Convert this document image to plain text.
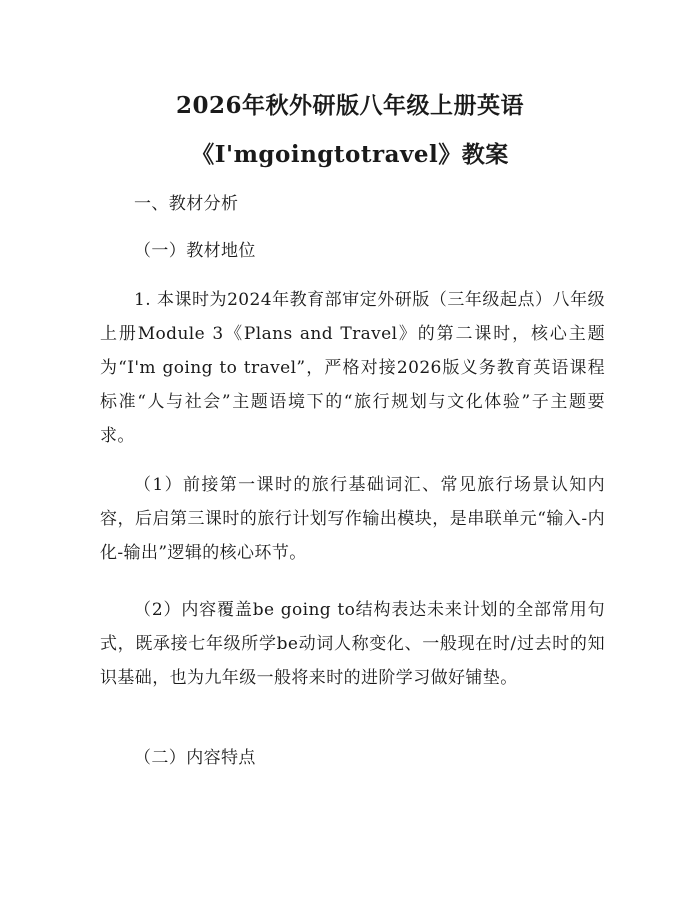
2026年秋外研版八年级上册英语
《I'mgoingtotravel》教案

一、教材分析

（一）教材地位

1. 本课时为2024年教育部审定外研版（三年级起点）八年级上册Module 3《Plans and Travel》的第二课时，核心主题为“I'm going to travel”，严格对接2026版义务教育英语课程标准“人与社会”主题语境下的“旅行规划与文化体验”子主题要求。

（1）前接第一课时的旅行基础词汇、常见旅行场景认知内容，后启第三课时的旅行计划写作输出模块，是串联单元“输入-内化-输出”逻辑的核心环节。

（2）内容覆盖be going to结构表达未来计划的全部常用句式，既承接七年级所学be动词人称变化、一般现在时/过去时的知识基础，也为九年级一般将来时的进阶学习做好铺垫。

（二）内容特点
